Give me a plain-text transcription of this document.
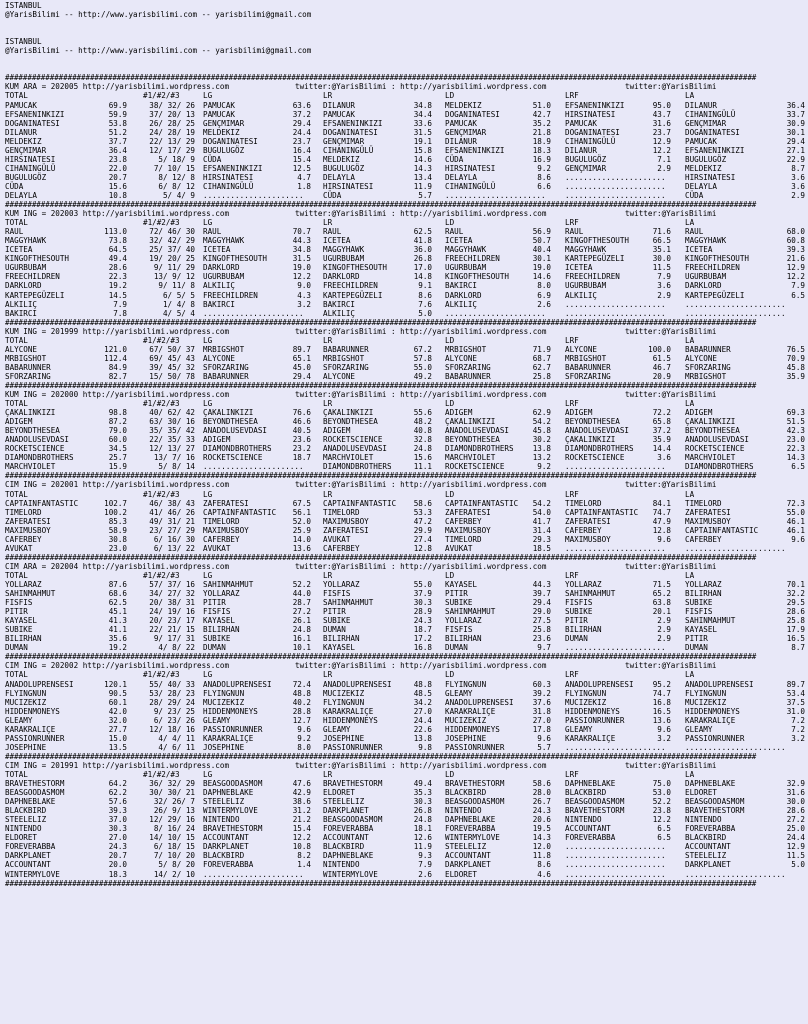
ISTANBUL
@YarisBilimi -- http://www.yarisbilimi.com -- yarisbilimi@gmail.com
ISTANBUL
@YarisBilimi -- http://www.yarisbilimi.com -- yarisbilimi@gmail.com
########################################################################################################################################################################
KUM ARA = 202005 http://yarisbilimi.wordpress.com	twitter:@YarisBilimi : http://yarisbilimi.wordpress.com	twitter:@YarisBilimi
TOTAL	#1/#2/#3	LG	LR	LD	LRF	LA
PAMUCAK	69.9	38/ 32/ 26 PAMUCAK	63.6 DILANUR	34.8 MELDEKIZ	51.0 EFSANENINKIZI	95.0 DILANUR	36.4
EFSANENINKIZI	59.9	37/ 20/ 13 PAMUCAK	37.2 PAMUCAK	34.4 DOGANINATESI	42.7 HIRSINATESI	43.7 CIHANINGÜLÜ	33.7
DOGANINATESI	53.8	26/ 28/ 25 GENÇMIMAR	29.4 EFSANENINKIZI	33.6 PAMUCAK	35.2 PAMUCAK	31.6 GENÇMIMAR	30.9
DILANUR	51.2	24/ 28/ 19 MELDEKIZ	24.4 DOGANINATESI	31.5 GENÇMIMAR	21.8 DOGANINATESI	23.7 DOGANINATESI	30.1
MELDEKIZ	37.7	22/ 13/ 29 DOGANINATESI	23.7 GENÇMIMAR	19.1 DILANUR	18.9 CIHANINGÜLÜ	12.9 PAMUCAK	29.4
GENÇMIMAR	36.4	12/ 17/ 29 BUGULUGÖZ	16.4 CIHANINGÜLÜ	15.8 EFSANENINKIZI	18.3 DILANUR	12.2 EFSANENINKIZI	27.1
HIRSINATESI	23.8	5/ 18/ 9 CÜDA	15.4 MELDEKIZ	14.6 CÜDA	16.9 BUGULUGÖZ	7.1 BUGULUGÖZ	22.9
CIHANINGÜLÜ	22.0	7/ 10/ 15 EFSANENINKIZI	12.5 BUGULUGÖZ	14.3 HIRSINATESI	9.2 GENÇMIMAR	2.9 MELDEKIZ	8.7
BUGULUGÖZ	20.7	8/ 12/ 8 HIRSINATESI	4.7 DELAYLA	13.4 DELAYLA	8.6 ......................	HIRSINATESI	3.6
CÜDA	15.6	6/ 8/ 12 CIHANINGÜLÜ	1.8 HIRSINATESI	11.9 CIHANINGÜLÜ	6.6 ......................	DELAYLA	3.6
DELAYLA	10.8	5/ 4/ 9 ......................	CÜDA	5.7 ......................	......................	CÜDA	2.9
########################################################################################################################################################################
KUM ING = 202003 http://yarisbilimi.wordpress.com	twitter:@YarisBilimi : http://yarisbilimi.wordpress.com	twitter:@YarisBilimi
TOTAL	#1/#2/#3	LG	LR	LD	LRF	LA
RAUL	113.0	72/ 46/ 30 RAUL	70.7 RAUL	62.5 RAUL	56.9 RAUL	71.6 RAUL	68.0
MAGGYHAWK	73.8	32/ 42/ 29 MAGGYHAWK	44.3 ICETEA	41.8 ICETEA	50.7 KINGOFTHESOUTH	66.5 MAGGYHAWK	60.8
ICETEA	64.5	25/ 37/ 40 ICETEA	34.8 MAGGYHAWK	36.0 MAGGYHAWK	40.4 MAGGYHAWK	35.1 ICETEA	39.3
KINGOFTHESOUTH	49.4	19/ 20/ 25 KINGOFTHESOUTH	31.5 UGURBUBAM	26.8 FREECHILDREN	30.1 KARTEPEGÜZELI	30.0 KINGOFTHESOUTH	21.6
UGURBUBAM	28.6	9/ 11/ 29 DARKLORD	19.0 KINGOFTHESOUTH	17.0 UGURBUBAM	19.0 ICETEA	11.5 FREECHILDREN	12.9
FREECHILDREN	22.3	13/ 9/ 12 UGURBUBAM	12.2 DARKLORD	14.8 KINGOFTHESOUTH	14.6 FREECHILDREN	7.9 UGURBUBAM	12.2
DARKLORD	19.2	9/ 11/ 8 ALKILIÇ	9.0 FREECHILDREN	9.1 BAKIRCI	8.0 UGURBUBAM	3.6 DARKLORD	7.9
KARTEPEGÜZELI	14.5	6/ 5/ 5 FREECHILDREN	4.3 KARTEPEGÜZELI	8.6 DARKLORD	6.9 ALKILIÇ	2.9 KARTEPEGÜZELI	6.5
ALKILIÇ	7.9	1/ 4/ 8 BAKIRCI	3.2 BAKIRCI	7.6 ALKILIÇ	2.6 ......................	......................
BAKIRCI	7.8	4/ 5/ 4 ......................	ALKILIÇ	5.0 ......................	......................	......................
########################################################################################################################################################################
KUM ING = 201999 http://yarisbilimi.wordpress.com	twitter:@YarisBilimi : http://yarisbilimi.wordpress.com	twitter:@YarisBilimi
TOTAL	#1/#2/#3	LG	LR	LD	LRF	LA
ALYCONE	121.0	67/ 50/ 37 MRBIGSHOT	89.7 BABARUNNER	67.2 MRBIGSHOT	71.9 ALYCONE	100.0 BABARUNNER	76.5
MRBIGSHOT	112.4	69/ 45/ 43 ALYCONE	65.1 MRBIGSHOT	57.8 ALYCONE	68.7 MRBIGSHOT	61.5 ALYCONE	70.9
BABARUNNER	84.9	39/ 45/ 32 SFORZARING	45.0 SFORZARING	55.0 SFORZARING	62.7 BABARUNNER	46.7 SFORZARING	45.8
SFORZARING	82.7	15/ 50/ 78 BABARUNNER	29.4 ALYCONE	49.2 BABARUNNER	25.8 SFORZARING	20.9 MRBIGSHOT	35.9
########################################################################################################################################################################
KUM ING = 202000 http://yarisbilimi.wordpress.com	twitter:@YarisBilimi : http://yarisbilimi.wordpress.com	twitter:@YarisBilimi
TOTAL	#1/#2/#3	LG	LR	LD	LRF	LA
ÇAKALINKIZI	98.8	40/ 62/ 42 ÇAKALINKIZI	76.6 ÇAKALINKIZI	55.6 ADIGEM	62.9 ADIGEM	72.2 ADIGEM	69.3
ADIGEM	87.2	63/ 30/ 16 BEYONDTHESEA	46.6 BEYONDTHESEA	48.2 ÇAKALINKIZI	54.2 BEYONDTHESEA	65.8 ÇAKALINKIZI	51.5
BEYONDTHESEA	79.0	35/ 35/ 42 ANADOLUSEVDASI	40.5 ADIGEM	40.8 ANADOLUSEVDASI	45.8 ANADOLUSEVDASI	37.2 BEYONDTHESEA	42.3
ANADOLUSEVDASI	60.0	22/ 35/ 33 ADIGEM	23.6 ROCKETSCIENCE	32.8 BEYONDTHESEA	30.2 ÇAKALINKIZI	35.9 ANADOLUSEVDASI	23.0
ROCKETSCIENCE	34.5	12/ 13/ 27 DIAMONDBROTHERS	23.2 ANADOLUSEVDASI	24.8 DIAMONDBROTHERS	13.8 DIAMONDBROTHERS	14.4 ROCKETSCIENCE	22.3
DIAMONDBROTHERS	25.7	13/ 7/ 16 ROCKETSCIENCE	18.7 MARCHVIOLET	15.6 MARCHVIOLET	13.2 ROCKETSCIENCE	3.6 MARCHVIOLET	14.3
MARCHVIOLET	15.9	5/ 8/ 14 ......................	DIAMONDBROTHERS	11.1 ROCKETSCIENCE	9.2 ......................	DIAMONDBROTHERS	6.5
########################################################################################################################################################################
CIM ING = 202001 http://yarisbilimi.wordpress.com	twitter:@YarisBilimi : http://yarisbilimi.wordpress.com	twitter:@YarisBilimi
TOTAL	#1/#2/#3	LG	LR	LD	LRF	LA
CAPTAINFANTASTIC	102.7	46/ 38/ 43 ZAFERATESI	67.5 CAPTAINFANTASTIC 58.6 CAPTAINFANTASTIC 54.2 TIMELORD	84.1 TIMELORD	72.3
TIMELORD	100.2	41/ 46/ 26 CAPTAINFANTASTIC 56.1 TIMELORD	53.3 ZAFERATESI	54.0 CAPTAINFANTASTIC 74.7 ZAFERATESI	55.0
ZAFERATESI	85.3	49/ 31/ 21 TIMELORD	52.0 MAXIMUSBOY	47.2 CAFERBEY	41.7 ZAFERATESI	47.9 MAXIMUSBOY	46.1
MAXIMUSBOY	58.9	23/ 27/ 29 MAXIMUSBOY	25.9 ZAFERATESI	29.9 MAXIMUSBOY	31.4 CAFERBEY	12.8 CAPTAINFANTASTIC	46.1
CAFERBEY	30.8	6/ 16/ 30 CAFERBEY	14.0 AVUKAT	27.4 TIMELORD	29.3 MAXIMUSBOY	9.6 CAFERBEY	9.6
AVUKAT	23.0	6/ 13/ 22 AVUKAT	13.6 CAFERBEY	12.8 AVUKAT	18.5 ......................	......................
########################################################################################################################################################################
CIM ARA = 202004 http://yarisbilimi.wordpress.com	twitter:@YarisBilimi : http://yarisbilimi.wordpress.com	twitter:@YarisBilimi
TOTAL	#1/#2/#3	LG	LR	LD	LRF	LA
YOLLARAZ	87.6	57/ 37/ 16 SAHINMAHMUT	52.2 YOLLARAZ	55.0 KAYASEL	44.3 YOLLARAZ	71.5 YOLLARAZ	70.1
SAHINMAHMUT	68.6	34/ 27/ 32 YOLLARAZ	44.0 FISFIS	37.9 PITIR	39.7 SAHINMAHMUT	65.2 BILIRHAN	32.2
FISFIS	62.5	20/ 38/ 31 PITIR	28.7 SAHINMAHMUT	30.3 SUBIKE	29.4 FISFIS	63.8 SUBIKE	29.5
PITIR	45.1	24/ 19/ 16 FISFIS	27.2 PITIR	28.9 SAHINMAHMUT	29.0 SUBIKE	20.1 FISFIS	28.6
KAYASEL	41.3	20/ 23/ 17 KAYASEL	26.1 SUBIKE	24.3 YOLLARAZ	27.5 PITIR	2.9 SAHINMAHMUT	25.8
SUBIKE	41.1	22/ 21/ 15 BILIRHAN	24.8 DUMAN	18.7 FISFIS	25.8 BILIRHAN	2.9 KAYASEL	17.9
BILIRHAN	35.6	9/ 17/ 31 SUBIKE	16.1 BILIRHAN	17.2 BILIRHAN	23.6 DUMAN	2.9 PITIR	16.5
DUMAN	19.2	4/ 8/ 22 DUMAN	10.1 KAYASEL	16.8 DUMAN	9.7 ......................	DUMAN	8.7
########################################################################################################################################################################
CIM ING = 202002 http://yarisbilimi.wordpress.com	twitter:@YarisBilimi : http://yarisbilimi.wordpress.com	twitter:@YarisBilimi
TOTAL	#1/#2/#3	LG	LR	LD	LRF	LA
ANADOLUPRENSESI	120.1	55/ 40/ 33 ANADOLUPRENSESI	72.4 ANADOLUPRENSESI	48.8 FLYINGNUN	60.3 ANADOLUPRENSESI	95.2 ANADOLUPRENSESI	89.7
FLYINGNUN	90.5	53/ 28/ 23 FLYINGNUN	48.8 MUCIZEKIZ	48.5 GLEAMY	39.2 FLYINGNUN	74.7 FLYINGNUN	53.4
MUCIZEKIZ	60.1	28/ 29/ 24 MUCIZEKIZ	40.2 FLYINGNUN	34.2 ANADOLUPRENSESI	37.6 MUCIZEKIZ	16.8 MUCIZEKIZ	37.5
HIDDENMONEYS	42.0	9/ 23/ 25 HIDDENMONEYS	28.8 KARAKRALIÇE	27.0 KARAKRALIÇE	31.8 HIDDENMONEYS	16.5 HIDDENMONEYS	31.0
GLEAMY	32.0	6/ 23/ 26 GLEAMY	12.7 HIDDENMONEYS	24.4 MUCIZEKIZ	27.0 PASSIONRUNNER	13.6 KARAKRALIÇE	7.2
KARAKRALIÇE	27.7	12/ 18/ 16 PASSIONRUNNER	9.6 GLEAMY	22.6 HIDDENMONEYS	17.8 GLEAMY	9.6 GLEAMY	7.2
PASSIONRUNNER	15.0	4/ 4/ 11 KARAKRALIÇE	9.2 JOSEPHINE	13.8 JOSEPHINE	9.6 KARAKRALIÇE	3.2 PASSIONRUNNER	3.2
JOSEPHINE	13.5	4/ 6/ 11 JOSEPHINE	8.0 PASSIONRUNNER	9.8 PASSIONRUNNER	5.7 ......................	......................
########################################################################################################################################################################
CIM ING = 201991 http://yarisbilimi.wordpress.com	twitter:@YarisBilimi : http://yarisbilimi.wordpress.com	twitter:@YarisBilimi
TOTAL	#1/#2/#3	LG	LR	LD	LRF	LA
BRAVETHESTORM	64.2	36/ 32/ 29 BEASGOODASMOM	47.6 BRAVETHESTORM	49.4 BRAVETHESTORM	58.6 DAPHNEBLAKE	75.0 DAPHNEBLAKE	32.9
BEASGOODASMOM	62.2	30/ 30/ 21 DAPHNEBLAKE	42.9 ELDORET	35.3 BLACKBIRD	28.0 BLACKBIRD	53.0 ELDORET	31.6
DAPHNEBLAKE	57.6	32/ 26/ 7 STEELELIZ	38.6 STEELELIZ	30.3 BEASGOODASMOM	26.7 BEASGOODASMOM	52.2 BEASGOODASMOM	30.0
BLACKBIRD	39.3	26/ 9/ 13 WINTERMYLOVE	31.2 DARKPLANET	26.8 NINTENDO	24.3 BRAVETHESTORM	23.8 BRAVETHESTORM	28.6
STEELELIZ	37.0	12/ 29/ 16 NINTENDO	21.2 BEASGOODASMOM	24.8 DAPHNEBLAKE	20.6 NINTENDO	12.2 NINTENDO	27.2
NINTENDO	30.3	8/ 16/ 24 BRAVETHESTORM	15.4 FOREVERABBA	18.1 FOREVERABBA	19.5 ACCOUNTANT	6.5 FOREVERABBA	25.0
ELDORET	27.0	14/ 10/ 15 ACCOUNTANT	12.2 ACCOUNTANT	12.6 WINTERMYLOVE	14.3 FOREVERABBA	6.5 BLACKBIRD	24.4
FOREVERABBA	24.3	6/ 18/ 15 DARKPLANET	10.8 BLACKBIRD	11.9 STEELELIZ	12.0 ......................	ACCOUNTANT	12.9
DARKPLANET	20.7	7/ 10/ 20 BLACKBIRD	8.2 DAPHNEBLAKE	9.3 ACCOUNTANT	11.8 ......................	STEELELIZ	11.5
ACCOUNTANT	20.0	5/ 8/ 20 FOREVERABBA	1.4 NINTENDO	7.9 DARKPLANET	8.6 ......................	DARKPLANET	5.0
WINTERMYLOVE	18.3	14/ 2/ 10 ......................	WINTERMYLOVE	2.6 ELDORET	4.6 ......................	......................
########################################################################################################################################################################
